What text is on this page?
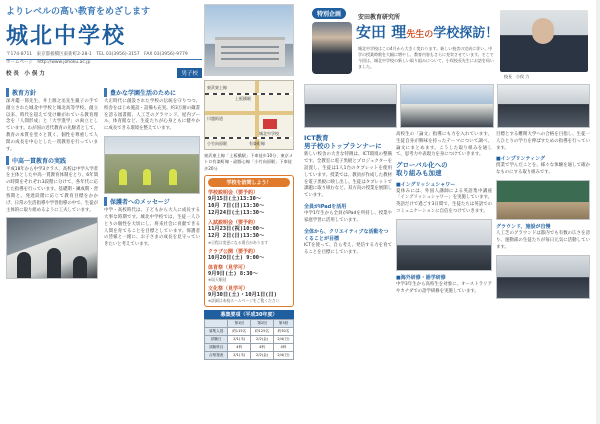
よりレベルの高い教育をめざします
城北中学校
〒174-8711　東京都板橋区東新町2-28-1　TEL 03(3956)-3157　FAX 03(3956)-9779
ホームページ　http://www.johoku.ac.jp
校 長　小 俣 力	男子校
教育方針
深井鑑一郎先生、井上源之丞先生親子の手で創立された城北中学校と城北高等学校。創立以来、時代を超えて受け継がれている教育理念を「人間形成」と「大学進学」の両立としています。わが国の近代教育の先駆者として、教育の本質を堂々と貫く、個性を尊重して人間の成長を中心とした一貫教育を行っています。
中高一貫教育の実践
平成18年から中学3クラス、高校は中学入学者を主体とした中高一貫教育体制をとり、6年間の時間をそれぞれ3段階に分けて、各年代に応じた指導を行っています。基礎期・錬成期・習熟期と、発達段階に応じて教育目標をかかげ、日常の生活指導や学習指導の中で、生徒が主体的に取り組めるように工夫しています。
豊かな学園生活のために
大正時代に創設された学校の伝統を守りつつ、校舎をはじめ施設・設備も充実。約3万冊の蔵書を誇る図書館、人工芝のグラウンド、屋内プール、体育館など、生徒たちが心身ともに健やかに成長できる環境を整えています。
保護者へのメッセージ
中学・高校時代は、子どもから大人に成長する大事な時期です。城北中学校では、生徒一人ひとりの個性を大切にし、将来社会に貢献できる人間を育てることを目標としています。保護者の皆様と一緒に、お子さまの成長を見守っていきたいと考えています。
東武東上線
上板橋駅
城北中学校
小竹向原駅	有楽町線
川越街道
東武東上線「上板橋駅」下車徒歩10分、東京メトロ有楽町線・副都心線「小竹向原駅」下車徒歩20分
学校を訪問しよう！
学校説明会（要予約）
9月15日(土)13:30〜
10月 7日(日)13:30〜
12月24日(土)13:30〜
入試説明会（要予約）
11月23日(祝)10:00〜
12月 2日(日)13:30〜
※日程は変更になる場合があります
クラブ公開（要予約）
10月20日(土) 9:00〜
体育祭（見学可）
9月9日(土) 8:30〜
※雨天順延
文化祭（見学可）
9月30日(土)・10月1日(日)
※詳細は本校ホームページをご覧ください
募集要項（平成30年度）
	第1回	第2回	第3回
募集人員	約115名	約125名	約30名
試験日	2/1(木)	2/2(金)	2/4(日)
試験科目	4科	4科	4科
合格発表	2/1(木)	2/2(金)	2/4(日)
特別企画	安田教育研究所
安田 理先生の学校探訪！
城北中学校はこの4月から大きく変わります。新しい校舎の完成に伴い、中学の授業時数を大幅に増やし、教育内容もさらに充実させています。そこで今回は、城北中学校の新しい取り組みについて、小俣校長先生にお話を伺いました。
校長　小俣 力
ICT教育
男子校のトップランナーに
新しい校舎の大きな特徴は、ICT環境の整備です。全教室に電子黒板とプロジェクターを設置し、生徒は1人1台のタブレットを使用しています。授業では、教員が作成した教材を電子黒板に映し出し、生徒はタブレットで課題に取り組むなど、双方向の授業を展開しています。
全員がiPadを活用
中学1年生から全員がiPadを所持し、授業や家庭学習に活用しています。
全体から、クリエイティブな活動をつくることが目標
ICTを使って、自ら考え、発信する力を育てることを目標にしています。
高校生の「論文」指導にも力を入れています。生徒自身が興味を持ったテーマについて調べ、論文にまとめます。こうした取り組みを通して、思考力や表現力を身につけていきます。
グローバル化への
取り組みも加速
■イングリッシュシャワー
夏休みには、外国人講師による英語集中講座「イングリッシュシャワー」を実施しています。英語だけで過ごす3日間で、生徒たちは英語でのコミュニケーションに自信をつけていきます。
■海外研修・語学研修
中学3年生から高校生を対象に、オーストラリアやカナダでの語学研修を実施しています。
目標とする難関大学への合格を目指し、生徒一人ひとりの学力を伸ばすための指導を行っています。
■インプリンティング
授業で学んだことを、様々な体験を通して確かなものにする取り組みです。
グラウンド、施設が自慢
人工芝のグラウンドは都内でも有数の広さを誇り、運動部の生徒たちが毎日元気に活動しています。
